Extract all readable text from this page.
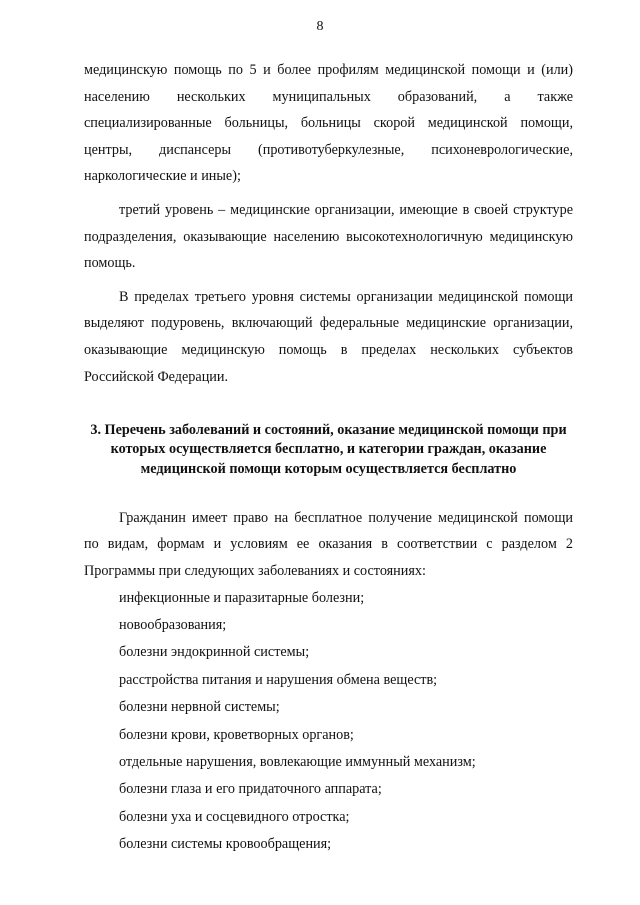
8

медицинскую помощь по 5 и более профилям медицинской помощи и (или) населению нескольких муниципальных образований, а также специализированные больницы, больницы скорой медицинской помощи, центры, диспансеры (противотуберкулезные, психоневрологические, наркологические и иные);

третий уровень – медицинские организации, имеющие в своей структуре подразделения, оказывающие населению высокотехнологичную медицинскую помощь.

В пределах третьего уровня системы организации медицинской помощи выделяют подуровень, включающий федеральные медицинские организации, оказывающие медицинскую помощь в пределах нескольких субъектов Российской Федерации.

3. Перечень заболеваний и состояний, оказание медицинской помощи при
которых осуществляется бесплатно, и категории граждан, оказание
медицинской помощи которым осуществляется бесплатно

Гражданин имеет право на бесплатное получение медицинской помощи по видам, формам и условиям ее оказания в соответствии с разделом 2 Программы при следующих заболеваниях и состояниях:

инфекционные и паразитарные болезни;
новообразования;
болезни эндокринной системы;
расстройства питания и нарушения обмена веществ;
болезни нервной системы;
болезни крови, кроветворных органов;
отдельные нарушения, вовлекающие иммунный механизм;
болезни глаза и его придаточного аппарата;
болезни уха и сосцевидного отростка;
болезни системы кровообращения;
